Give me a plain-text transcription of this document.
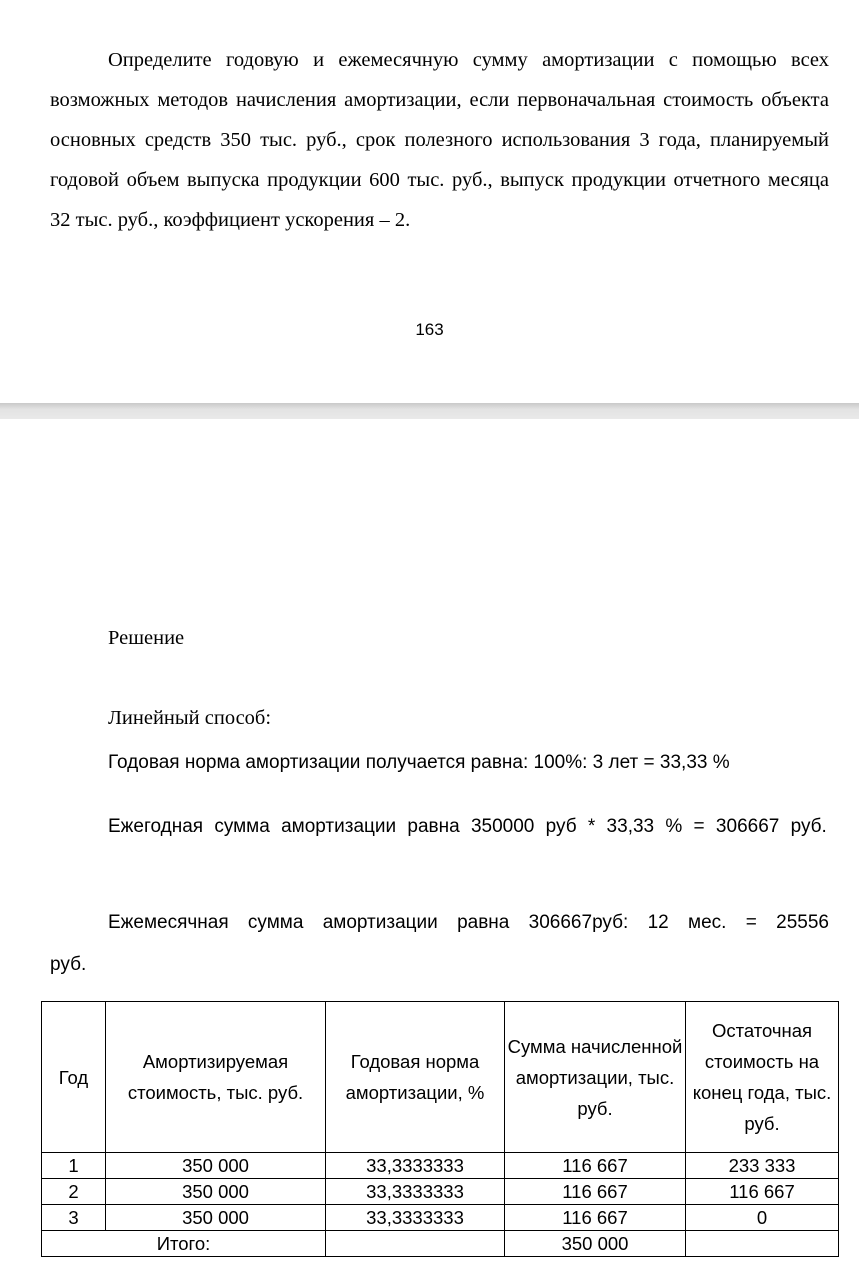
Определите годовую и ежемесячную сумму амортизации с помощью всех возможных методов начисления амортизации, если первоначальная стоимость объекта основных средств 350 тыс. руб., срок полезного использования 3 года, планируемый годовой объем выпуска продукции 600 тыс. руб., выпуск продукции отчетного месяца 32 тыс. руб., коэффициент ускорения – 2.
163
Решение
Линейный способ:
Годовая норма амортизации получается равна: 100%: 3 лет = 33,33 %
Ежегодная сумма амортизации равна 350000 руб * 33,33 % = 306667 руб.
Ежемесячная сумма амортизации равна 306667руб: 12 мес. = 25556 руб.
Год	Амортизируемая стоимость, тыс. руб.	Годовая норма амортизации, %	Сумма начисленной амортизации, тыс. руб.	Остаточная стоимость на конец года, тыс. руб.
1	350 000	33,3333333	116 667	233 333
2	350 000	33,3333333	116 667	116 667
3	350 000	33,3333333	116 667	0
Итого:			350 000	
